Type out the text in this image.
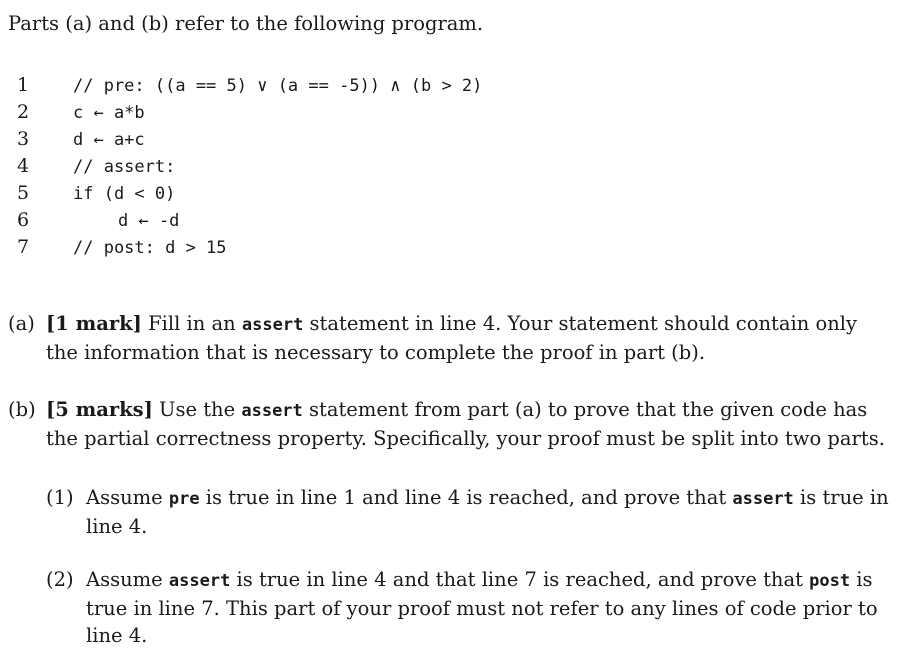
Parts (a) and (b) refer to the following program.
1	// pre: ((a == 5) ∨ (a == -5)) ∧ (b > 2)
2	c ← a*b
3	d ← a+c
4	// assert:
5	if (d < 0)
6	d ← -d
7	// post: d > 15
(a) [1 mark] Fill in an assert statement in line 4. Your statement should contain only the information that is necessary to complete the proof in part (b).
(b) [5 marks] Use the assert statement from part (a) to prove that the given code has the partial correctness property. Specifically, your proof must be split into two parts.
(1) Assume pre is true in line 1 and line 4 is reached, and prove that assert is true in line 4.
(2) Assume assert is true in line 4 and that line 7 is reached, and prove that post is true in line 7. This part of your proof must not refer to any lines of code prior to line 4.
